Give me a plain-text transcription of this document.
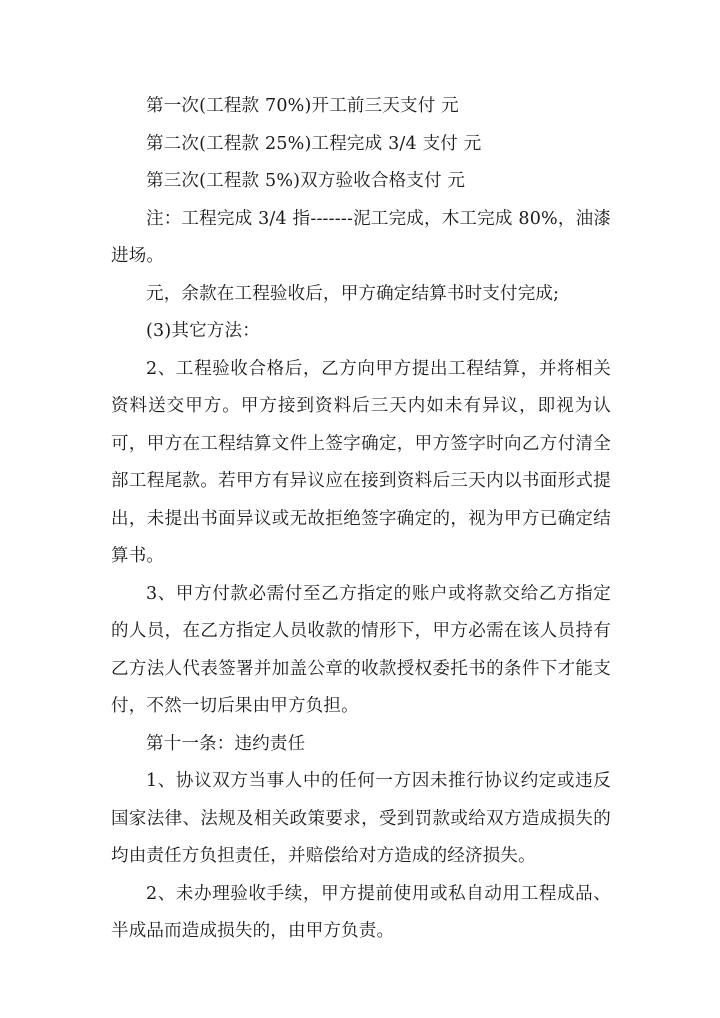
第一次(工程款 70%)开工前三天支付 元

第二次(工程款 25%)工程完成 3/4 支付 元

第三次(工程款 5%)双方验收合格支付 元

注：工程完成 3/4 指-------泥工完成，木工完成 80%，油漆进场。

元，余款在工程验收后，甲方确定结算书时支付完成;

(3)其它方法：

2、工程验收合格后，乙方向甲方提出工程结算，并将相关资料送交甲方。甲方接到资料后三天内如未有异议，即视为认可，甲方在工程结算文件上签字确定，甲方签字时向乙方付清全部工程尾款。若甲方有异议应在接到资料后三天内以书面形式提出，未提出书面异议或无故拒绝签字确定的，视为甲方已确定结算书。

3、甲方付款必需付至乙方指定的账户或将款交给乙方指定的人员，在乙方指定人员收款的情形下，甲方必需在该人员持有乙方法人代表签署并加盖公章的收款授权委托书的条件下才能支付，不然一切后果由甲方负担。

第十一条：违约责任

1、协议双方当事人中的任何一方因未推行协议约定或违反国家法律、法规及相关政策要求，受到罚款或给双方造成损失的均由责任方负担责任，并赔偿给对方造成的经济损失。

2、未办理验收手续，甲方提前使用或私自动用工程成品、半成品而造成损失的，由甲方负责。
